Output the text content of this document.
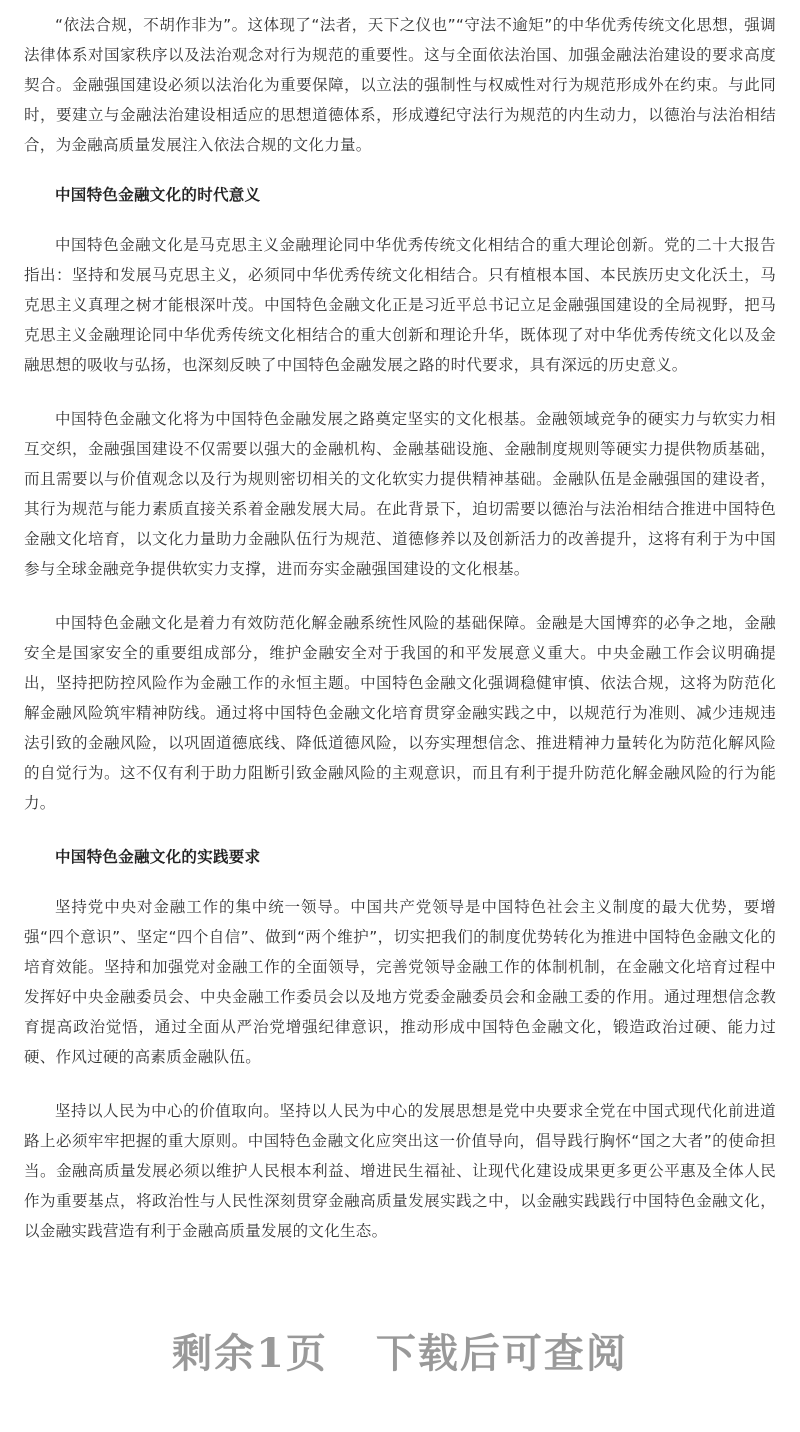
“依法合规，不胡作非为”。这体现了“法者，天下之仪也”“守法不逾矩”的中华优秀传统文化思想，强调法律体系对国家秩序以及法治观念对行为规范的重要性。这与全面依法治国、加强金融法治建设的要求高度契合。金融强国建设必须以法治化为重要保障，以立法的强制性与权威性对行为规范形成外在约束。与此同时，要建立与金融法治建设相适应的思想道德体系，形成遵纪守法行为规范的内生动力，以德治与法治相结合，为金融高质量发展注入依法合规的文化力量。

中国特色金融文化的时代意义

中国特色金融文化是马克思主义金融理论同中华优秀传统文化相结合的重大理论创新。党的二十大报告指出：坚持和发展马克思主义，必须同中华优秀传统文化相结合。只有植根本国、本民族历史文化沃土，马克思主义真理之树才能根深叶茂。中国特色金融文化正是习近平总书记立足金融强国建设的全局视野，把马克思主义金融理论同中华优秀传统文化相结合的重大创新和理论升华，既体现了对中华优秀传统文化以及金融思想的吸收与弘扬，也深刻反映了中国特色金融发展之路的时代要求，具有深远的历史意义。

中国特色金融文化将为中国特色金融发展之路奠定坚实的文化根基。金融领域竞争的硬实力与软实力相互交织，金融强国建设不仅需要以强大的金融机构、金融基础设施、金融制度规则等硬实力提供物质基础，而且需要以与价值观念以及行为规则密切相关的文化软实力提供精神基础。金融队伍是金融强国的建设者，其行为规范与能力素质直接关系着金融发展大局。在此背景下，迫切需要以德治与法治相结合推进中国特色金融文化培育，以文化力量助力金融队伍行为规范、道德修养以及创新活力的改善提升，这将有利于为中国参与全球金融竞争提供软实力支撑，进而夯实金融强国建设的文化根基。

中国特色金融文化是着力有效防范化解金融系统性风险的基础保障。金融是大国博弈的必争之地，金融安全是国家安全的重要组成部分，维护金融安全对于我国的和平发展意义重大。中央金融工作会议明确提出，坚持把防控风险作为金融工作的永恒主题。中国特色金融文化强调稳健审慎、依法合规，这将为防范化解金融风险筑牢精神防线。通过将中国特色金融文化培育贯穿金融实践之中，以规范行为准则、减少违规违法引致的金融风险，以巩固道德底线、降低道德风险，以夯实理想信念、推进精神力量转化为防范化解风险的自觉行为。这不仅有利于助力阻断引致金融风险的主观意识，而且有利于提升防范化解金融风险的行为能力。

中国特色金融文化的实践要求

坚持党中央对金融工作的集中统一领导。中国共产党领导是中国特色社会主义制度的最大优势，要增强“四个意识”、坚定“四个自信”、做到“两个维护”，切实把我们的制度优势转化为推进中国特色金融文化的培育效能。坚持和加强党对金融工作的全面领导，完善党领导金融工作的体制机制，在金融文化培育过程中发挥好中央金融委员会、中央金融工作委员会以及地方党委金融委员会和金融工委的作用。通过理想信念教育提高政治觉悟，通过全面从严治党增强纪律意识，推动形成中国特色金融文化，锻造政治过硬、能力过硬、作风过硬的高素质金融队伍。

坚持以人民为中心的价值取向。坚持以人民为中心的发展思想是党中央要求全党在中国式现代化前进道路上必须牢牢把握的重大原则。中国特色金融文化应突出这一价值导向，倡导践行胸怀“国之大者”的使命担当。金融高质量发展必须以维护人民根本利益、增进民生福祉、让现代化建设成果更多更公平惠及全体人民作为重要基点，将政治性与人民性深刻贯穿金融高质量发展实践之中，以金融实践践行中国特色金融文化，以金融实践营造有利于金融高质量发展的文化生态。

剩余1页 下载后可查阅
